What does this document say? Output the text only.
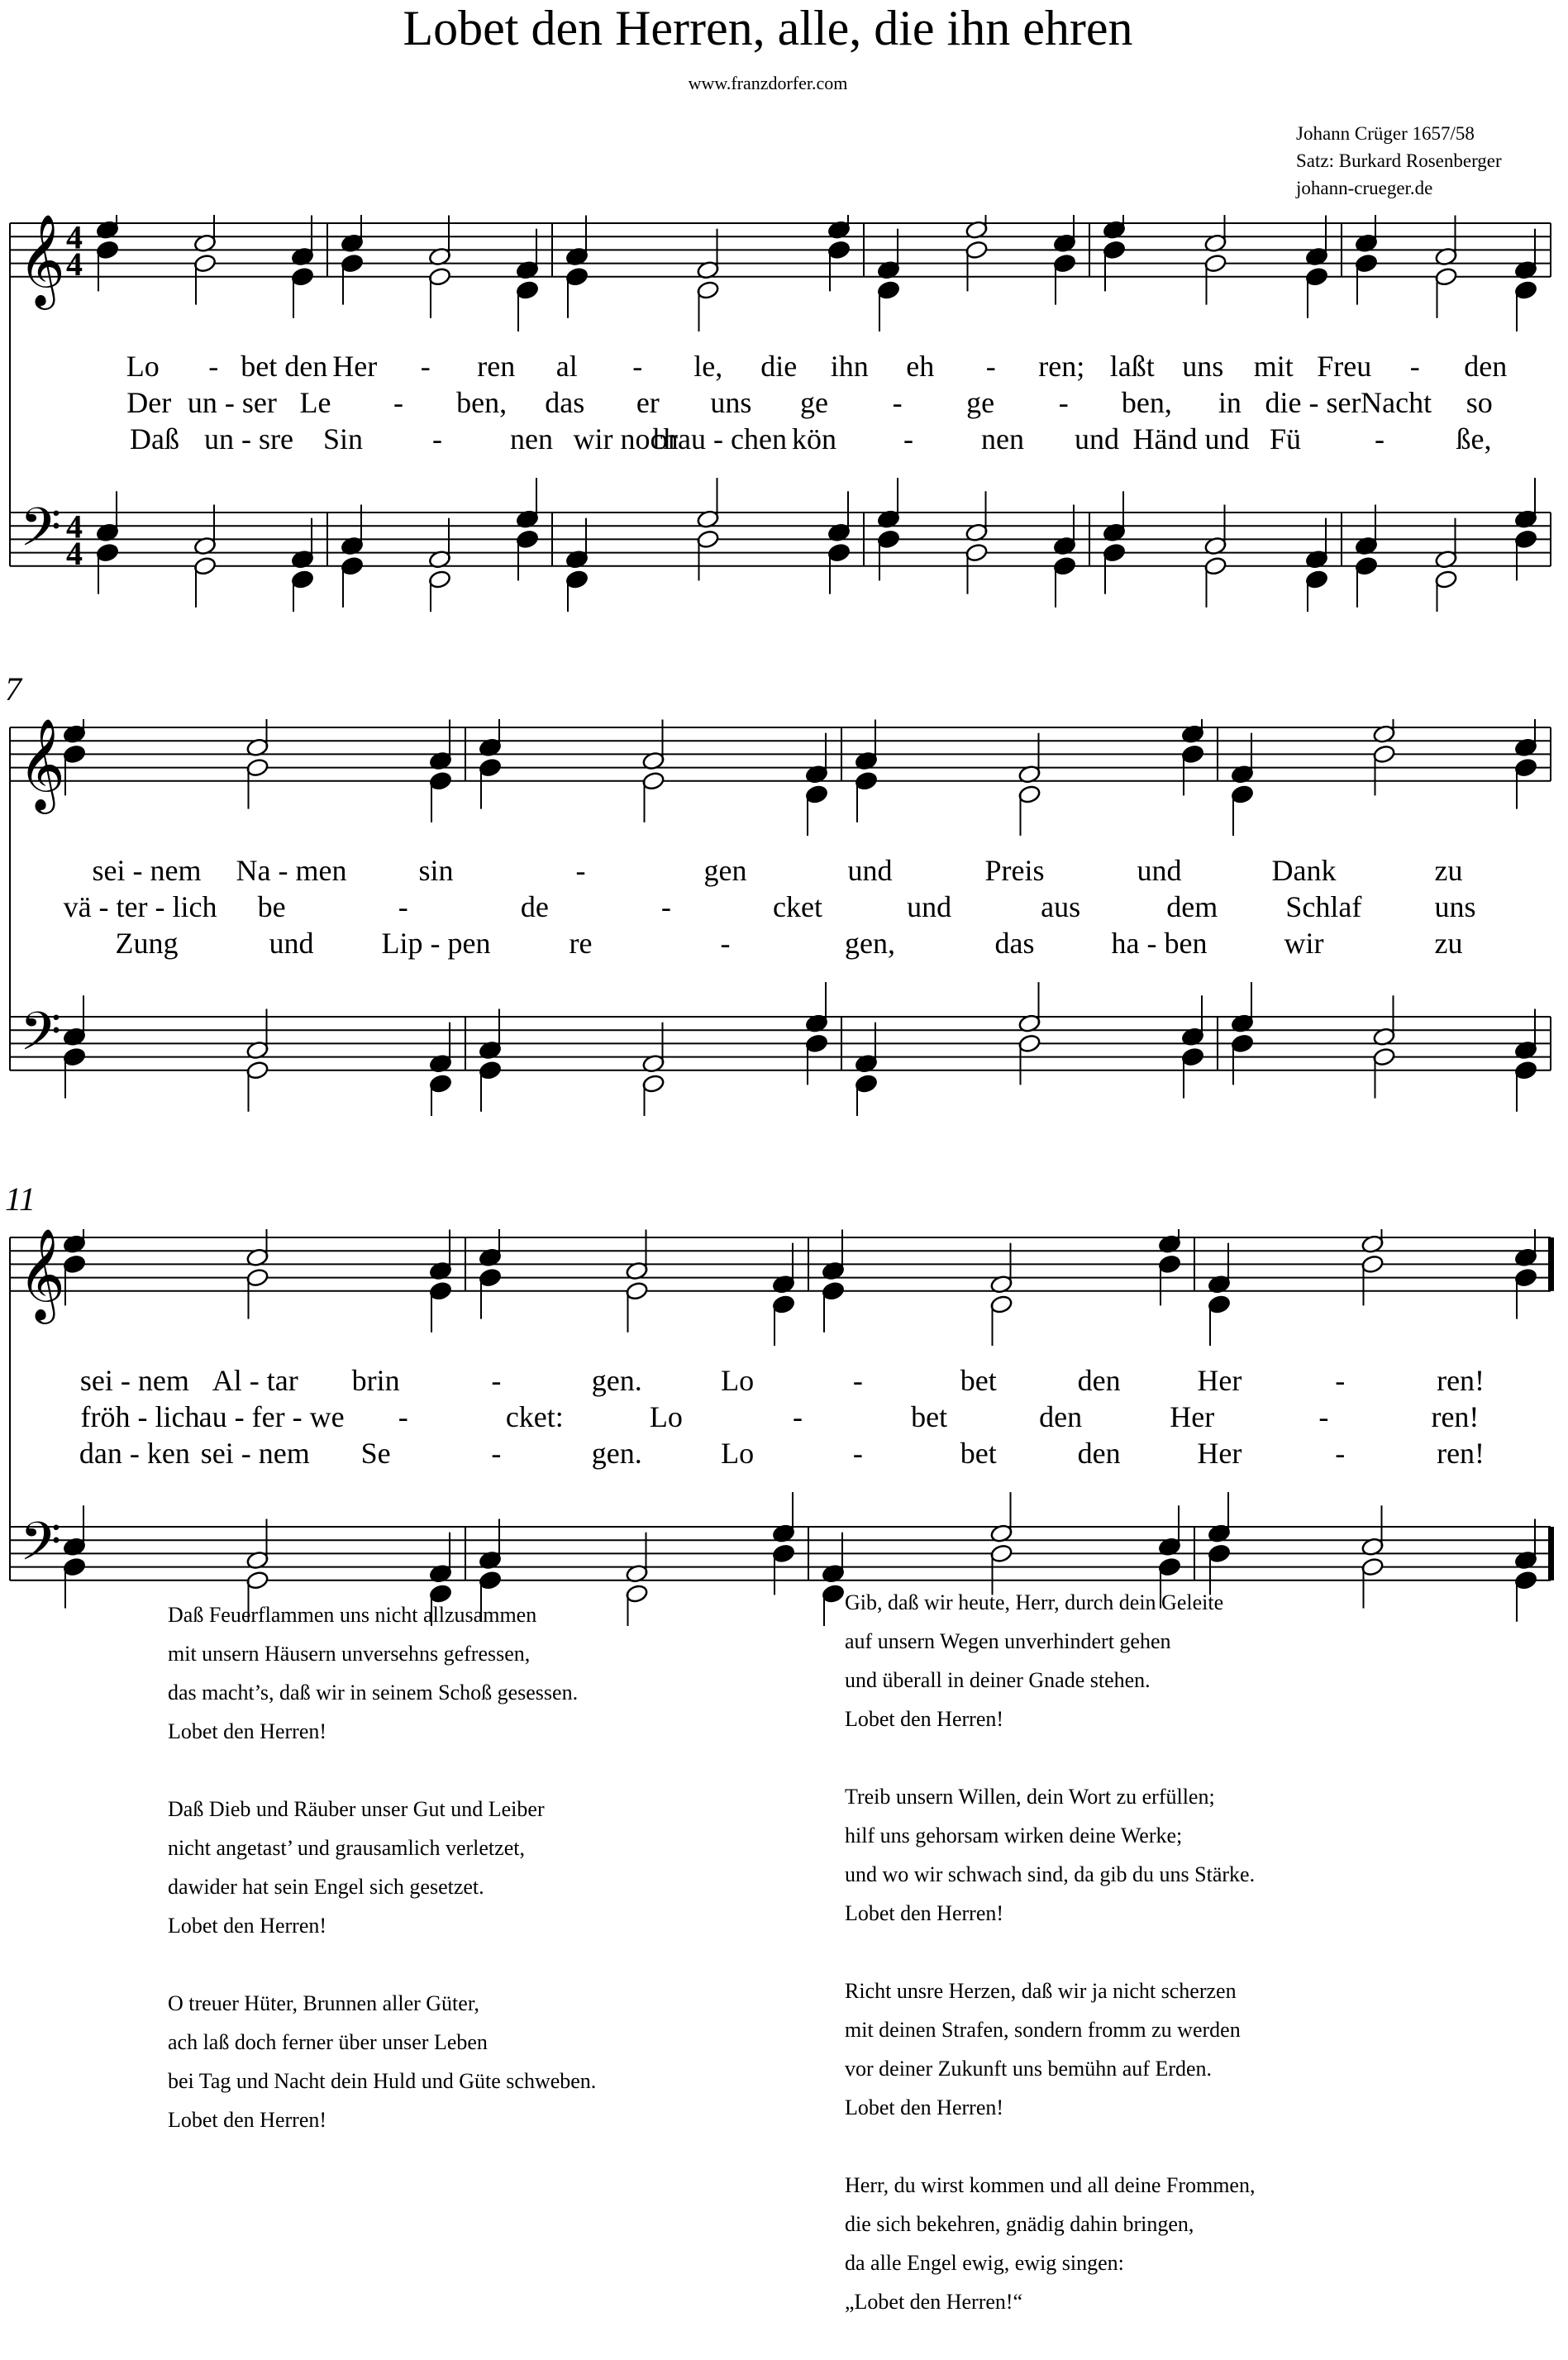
Lobet den Herren, alle, die ihn ehren
www.franzdorfer.com
Johann Crüger 1657/58
Satz: Burkard Rosenberger
johann-crueger.de
𝄞
𝄢
4
4
4
4
Lo - bet den Her - ren al - le, die ihn eh - ren; laßt uns mit Freu - den
Der un - ser Le - ben, das er uns ge - ge - ben, in die - ser Nacht so
Daß un - sre Sin - nen wir noch
brau - chen kön - nen und Händ und Fü - ße,
𝄞
𝄢
7
sei - nem Na - men sin	-	gen	und	Preis	und	Dank	zu
vä - ter - lich be	-	de	-	cket	und	aus	dem Schlaf uns
Zung	und Lip - pen	re	-	gen,	das	ha - ben	wir	zu
𝄞
𝄢
11
sei - nem Al - tar brin	-	gen.	Lo	-	bet	den	Her	-	ren!
fröh - lich au - fer - we -	cket:	Lo	-	bet	den	Her	-	ren!
dan - ken sei - nem Se	-	gen.	Lo	-	bet	den	Her	-	ren!
Daß Feuerflammen uns nicht allzusammen
mit unsern Häusern unversehns gefressen,
das macht’s, daß wir in seinem Schoß gesessen.
Lobet den Herren!
Daß Dieb und Räuber unser Gut und Leiber
nicht angetast’ und grausamlich verletzet,
dawider hat sein Engel sich gesetzet.
Lobet den Herren!
O treuer Hüter, Brunnen aller Güter,
ach laß doch ferner über unser Leben
bei Tag und Nacht dein Huld und Güte schweben.
Lobet den Herren!
Gib, daß wir heute, Herr, durch dein Geleite
auf unsern Wegen unverhindert gehen
und überall in deiner Gnade stehen.
Lobet den Herren!
Treib unsern Willen, dein Wort zu erfüllen;
hilf uns gehorsam wirken deine Werke;
und wo wir schwach sind, da gib du uns Stärke.
Lobet den Herren!
Richt unsre Herzen, daß wir ja nicht scherzen
mit deinen Strafen, sondern fromm zu werden
vor deiner Zukunft uns bemühn auf Erden.
Lobet den Herren!
Herr, du wirst kommen und all deine Frommen,
die sich bekehren, gnädig dahin bringen,
da alle Engel ewig, ewig singen:
„Lobet den Herren!“
